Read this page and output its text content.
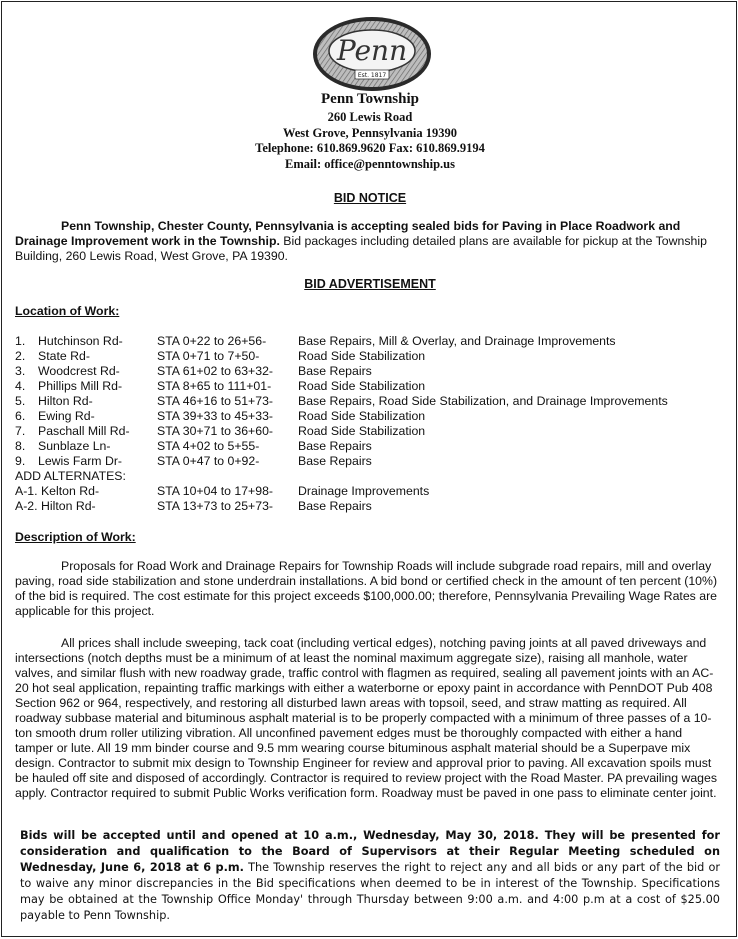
Penn
Est. 1817
Penn Township
260 Lewis Road
West Grove, Pennsylvania 19390
Telephone: 610.869.9620 Fax: 610.869.9194
Email: office@penntownship.us
BID NOTICE

Penn Township, Chester County, Pennsylvania is accepting sealed bids for Paving in Place Roadwork and Drainage Improvement work in the Township. Bid packages including detailed plans are available for pickup at the Township Building, 260 Lewis Road, West Grove, PA 19390.

BID ADVERTISEMENT
Location of Work:
1. Hutchinson Rd-	STA 0+22 to 26+56-	Base Repairs, Mill & Overlay, and Drainage Improvements
2. State Rd-	STA 0+71 to 7+50-	Road Side Stabilization
3. Woodcrest Rd-	STA 61+02 to 63+32- Base Repairs
4. Phillips Mill Rd-	STA 8+65 to 111+01- Road Side Stabilization
5. Hilton Rd-	STA 46+16 to 51+73- Base Repairs, Road Side Stabilization, and Drainage Improvements
6. Ewing Rd-	STA 39+33 to 45+33- Road Side Stabilization
7. Paschall Mill Rd- STA 30+71 to 36+60- Road Side Stabilization
8. Sunblaze Ln-	STA 4+02 to 5+55-	Base Repairs
9. Lewis Farm Dr-	STA 0+47 to 0+92-	Base Repairs
ADD ALTERNATES:
A-1. Kelton Rd-	STA 10+04 to 17+98- Drainage Improvements
A-2. Hilton Rd-	STA 13+73 to 25+73- Base Repairs
Description of Work:

Proposals for Road Work and Drainage Repairs for Township Roads will include subgrade road repairs, mill and overlay paving, road side stabilization and stone underdrain installations. A bid bond or certified check in the amount of ten percent (10%) of the bid is required. The cost estimate for this project exceeds $100,000.00; therefore, Pennsylvania Prevailing Wage Rates are applicable for this project.

All prices shall include sweeping, tack coat (including vertical edges), notching paving joints at all paved driveways and intersections (notch depths must be a minimum of at least the nominal maximum aggregate size), raising all manhole, water valves, and similar flush with new roadway grade, traffic control with flagmen as required, sealing all pavement joints with an AC-20 hot seal application, repainting traffic markings with either a waterborne or epoxy paint in accordance with PennDOT Pub 408 Section 962 or 964, respectively, and restoring all disturbed lawn areas with topsoil, seed, and straw matting as required. All roadway subbase material and bituminous asphalt material is to be properly compacted with a minimum of three passes of a 10-ton smooth drum roller utilizing vibration. All unconfined pavement edges must be thoroughly compacted with either a hand tamper or lute. All 19 mm binder course and 9.5 mm wearing course bituminous asphalt material should be a Superpave mix design. Contractor to submit mix design to Township Engineer for review and approval prior to paving. All excavation spoils must be hauled off site and disposed of accordingly. Contractor is required to review project with the Road Master. PA prevailing wages apply. Contractor required to submit Public Works verification form. Roadway must be paved in one pass to eliminate center joint.

Bids will be accepted until and opened at 10 a.m., Wednesday, May 30, 2018. They will be presented for consideration and qualification to the Board of Supervisors at their Regular Meeting scheduled on Wednesday, June 6, 2018 at 6 p.m. The Township reserves the right to reject any and all bids or any part of the bid or to waive any minor discrepancies in the Bid specifications when deemed to be in interest of the Township. Specifications may be obtained at the Township Office Monday' through Thursday between 9:00 a.m. and 4:00 p.m at a cost of $25.00 payable to Penn Township.
